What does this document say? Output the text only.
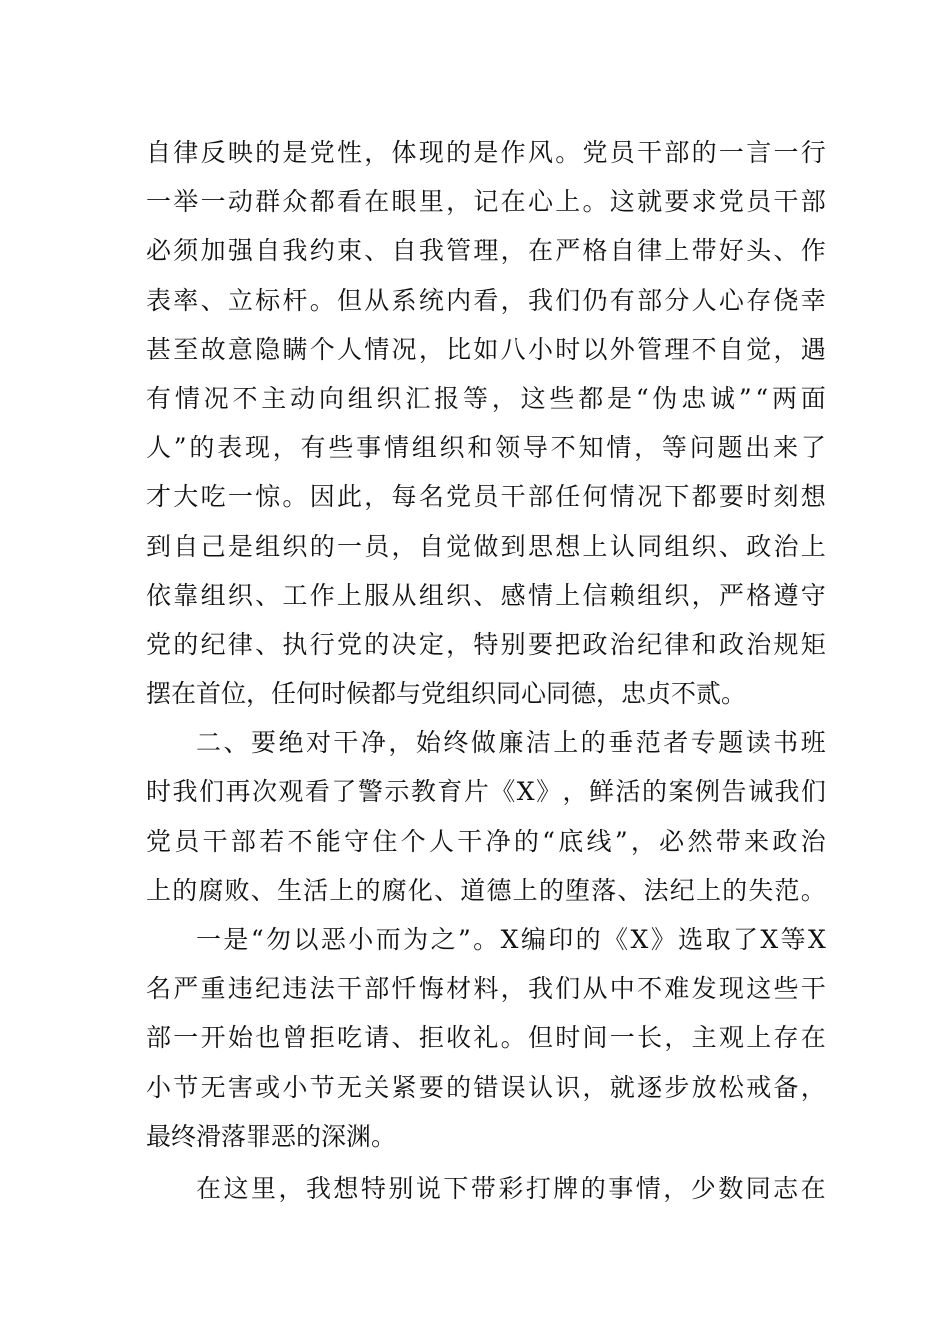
自 律 反 映 的 是 党 性 ， 体 现 的 是 作 风 。 党 员 干 部 的 一 言 一 行
一 举 一 动 群 众 都 看 在 眼 里 ， 记 在 心 上 。 这 就 要 求 党 员 干 部
必 须 加 强 自 我 约 束 、 自 我 管 理 ， 在 严 格 自 律 上 带 好 头 、 作
表 率 、 立 标 杆 。 但 从 系 统 内 看 ， 我 们 仍 有 部 分 人 心 存 侥 幸
甚 至 故 意 隐 瞒 个 人 情 况 ， 比 如 八 小 时 以 外 管 理 不 自 觉 ， 遇
有 情 况 不 主 动 向 组 织 汇 报 等 ， 这 些 都 是 “ 伪 忠 诚 ” “ 两 面
人 ” 的 表 现 ， 有 些 事 情 组 织 和 领 导 不 知 情 ， 等 问 题 出 来 了
才 大 吃 一 惊 。 因 此 ， 每 名 党 员 干 部 任 何 情 况 下 都 要 时 刻 想
到 自 己 是 组 织 的 一 员 ， 自 觉 做 到 思 想 上 认 同 组 织 、 政 治 上
依 靠 组 织 、 工 作 上 服 从 组 织 、 感 情 上 信 赖 组 织 ， 严 格 遵 守
党 的 纪 律 、 执 行 党 的 决 定 ， 特 别 要 把 政 治 纪 律 和 政 治 规 矩
摆在首位，任何时候都与党组织同心同德，忠贞不贰。
二 、 要 绝 对 干 净 ， 始 终 做 廉 洁 上 的 垂 范 者 专 题 读 书 班
时 我 们 再 次 观 看 了 警 示 教 育 片 《 X 》 ， 鲜 活 的 案 例 告 诫 我 们
党 员 干 部 若 不 能 守 住 个 人 干 净 的 “ 底 线 ” ， 必 然 带 来 政 治
上 的 腐 败 、 生 活 上 的 腐 化 、 道 德 上 的 堕 落 、 法 纪 上 的 失 范 。
一 是 “ 勿 以 恶 小 而 为 之 ” 。 X 编 印 的 《 X 》 选 取 了 X 等 X
名 严 重 违 纪 违 法 干 部 忏 悔 材 料 ， 我 们 从 中 不 难 发 现 这 些 干
部 一 开 始 也 曾 拒 吃 请 、 拒 收 礼 。 但 时 间 一 长 ， 主 观 上 存 在
小 节 无 害 或 小 节 无 关 紧 要 的 错 误 认 识 ， 就 逐 步 放 松 戒 备 ，
最终滑落罪恶的深渊。
在 这 里 ， 我 想 特 别 说 下 带 彩 打 牌 的 事 情 ， 少 数 同 志 在
